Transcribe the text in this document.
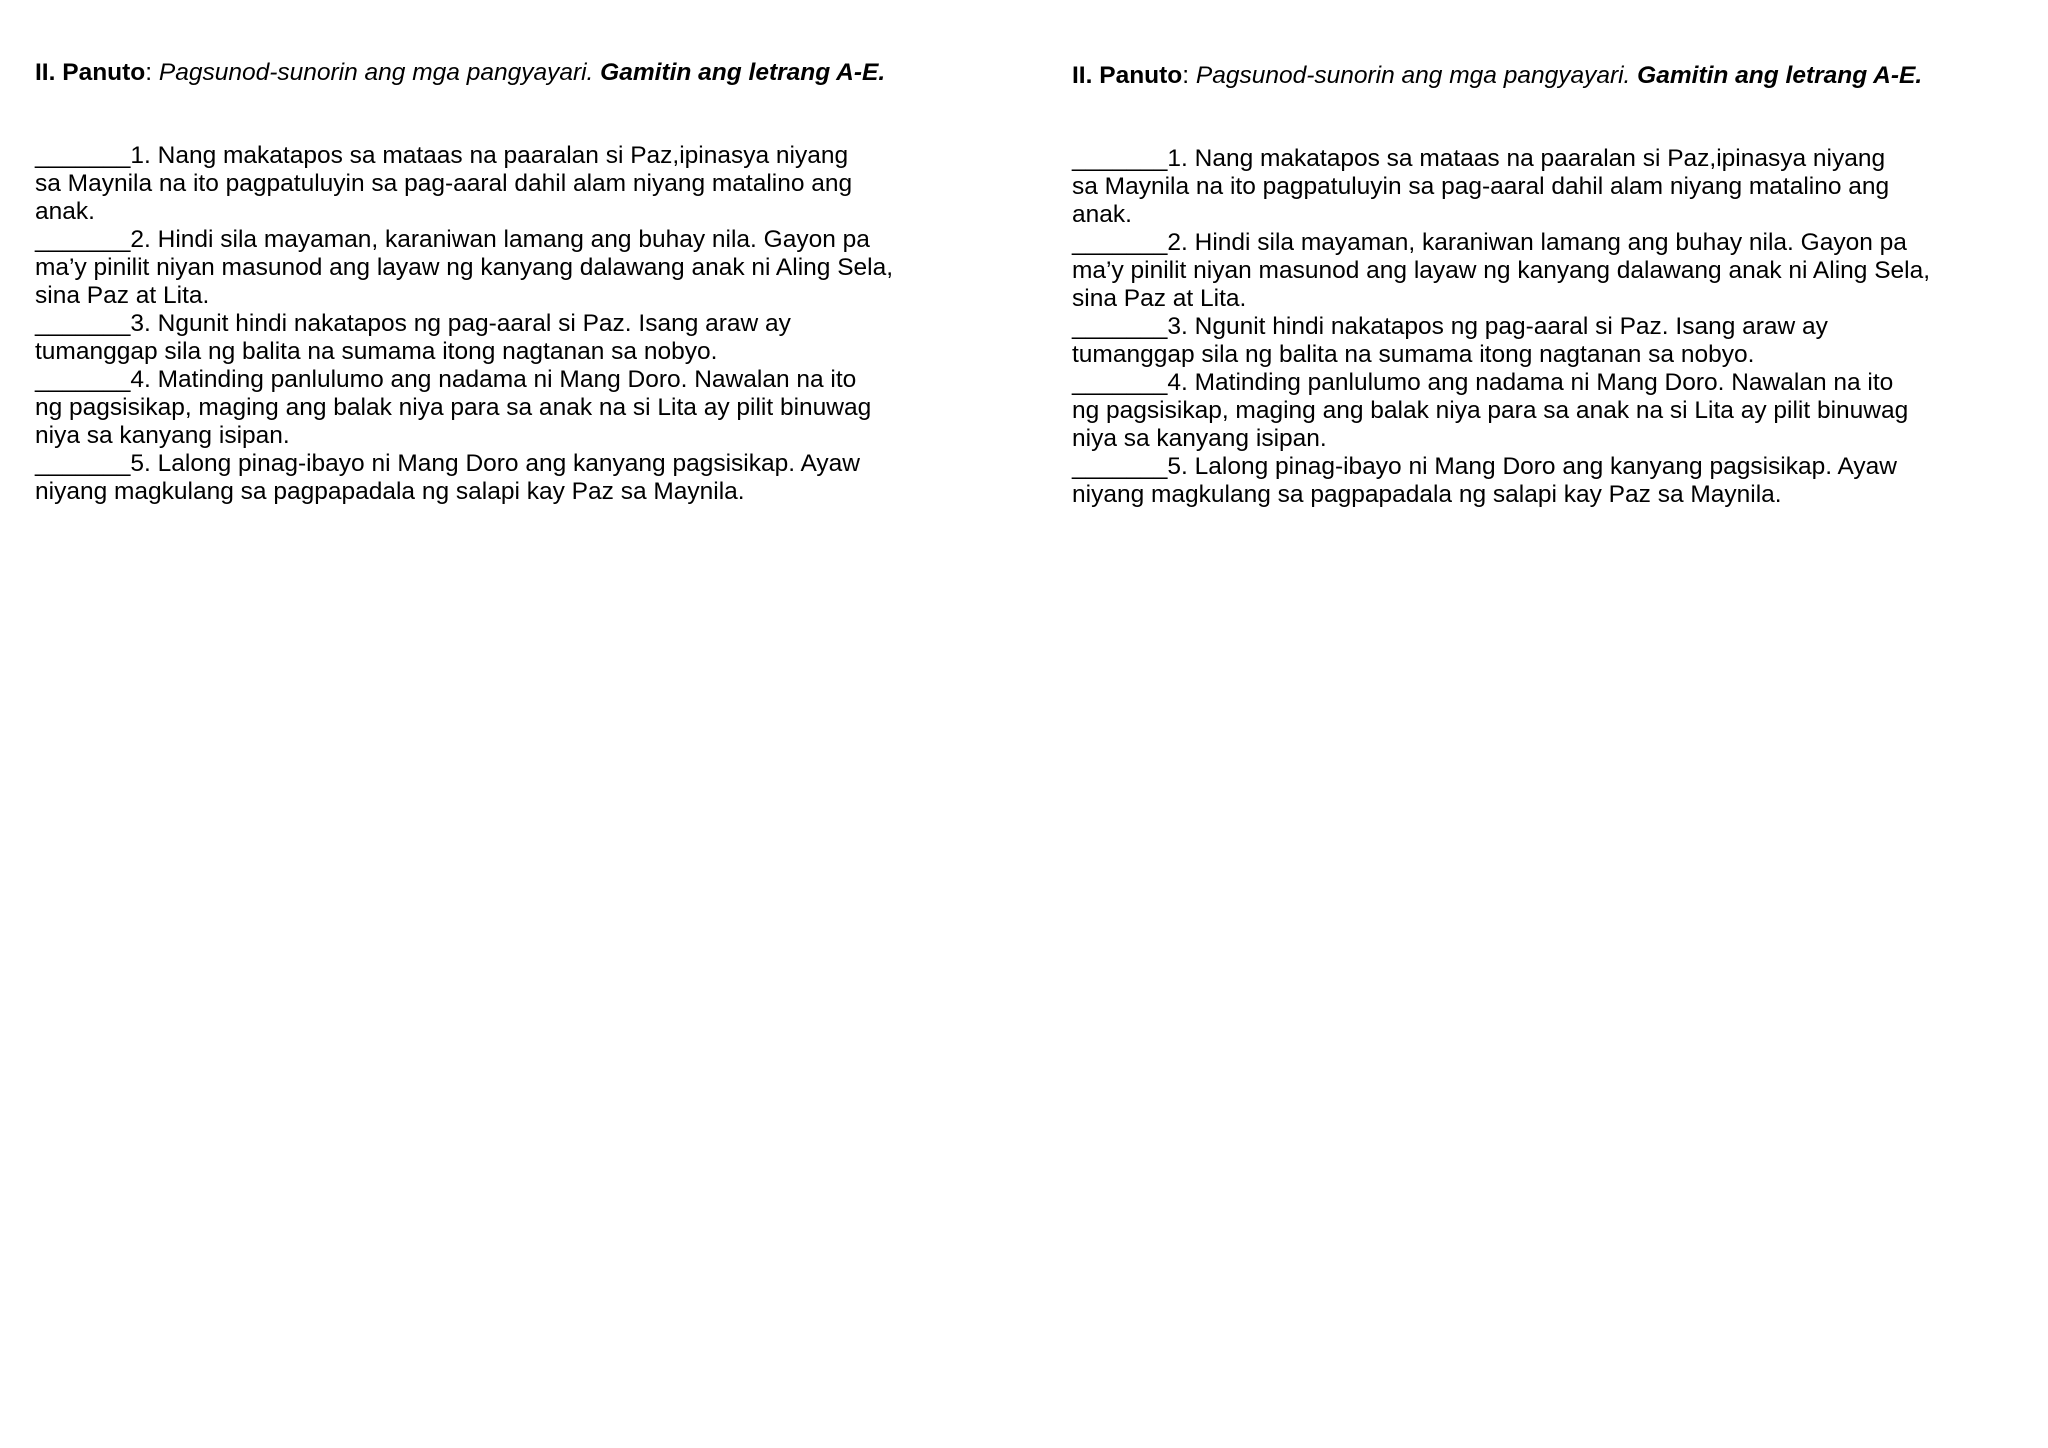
II. Panuto: Pagsunod-sunorin ang mga pangyayari. Gamitin ang letrang A-E.

_______1. Nang makatapos sa mataas na paaralan si Paz,ipinasya niyang
sa Maynila na ito pagpatuluyin sa pag-aaral dahil alam niyang matalino ang
anak.
_______2. Hindi sila mayaman, karaniwan lamang ang buhay nila. Gayon pa
ma’y pinilit niyan masunod ang layaw ng kanyang dalawang anak ni Aling Sela,
sina Paz at Lita.
_______3. Ngunit hindi nakatapos ng pag-aaral si Paz. Isang araw ay
tumanggap sila ng balita na sumama itong nagtanan sa nobyo.
_______4. Matinding panlulumo ang nadama ni Mang Doro. Nawalan na ito
ng pagsisikap, maging ang balak niya para sa anak na si Lita ay pilit binuwag
niya sa kanyang isipan.
_______5. Lalong pinag-ibayo ni Mang Doro ang kanyang pagsisikap. Ayaw
niyang magkulang sa pagpapadala ng salapi kay Paz sa Maynila.

II. Panuto: Pagsunod-sunorin ang mga pangyayari. Gamitin ang letrang A-E.

_______1. Nang makatapos sa mataas na paaralan si Paz,ipinasya niyang
sa Maynila na ito pagpatuluyin sa pag-aaral dahil alam niyang matalino ang
anak.
_______2. Hindi sila mayaman, karaniwan lamang ang buhay nila. Gayon pa
ma’y pinilit niyan masunod ang layaw ng kanyang dalawang anak ni Aling Sela,
sina Paz at Lita.
_______3. Ngunit hindi nakatapos ng pag-aaral si Paz. Isang araw ay
tumanggap sila ng balita na sumama itong nagtanan sa nobyo.
_______4. Matinding panlulumo ang nadama ni Mang Doro. Nawalan na ito
ng pagsisikap, maging ang balak niya para sa anak na si Lita ay pilit binuwag
niya sa kanyang isipan.
_______5. Lalong pinag-ibayo ni Mang Doro ang kanyang pagsisikap. Ayaw
niyang magkulang sa pagpapadala ng salapi kay Paz sa Maynila.
